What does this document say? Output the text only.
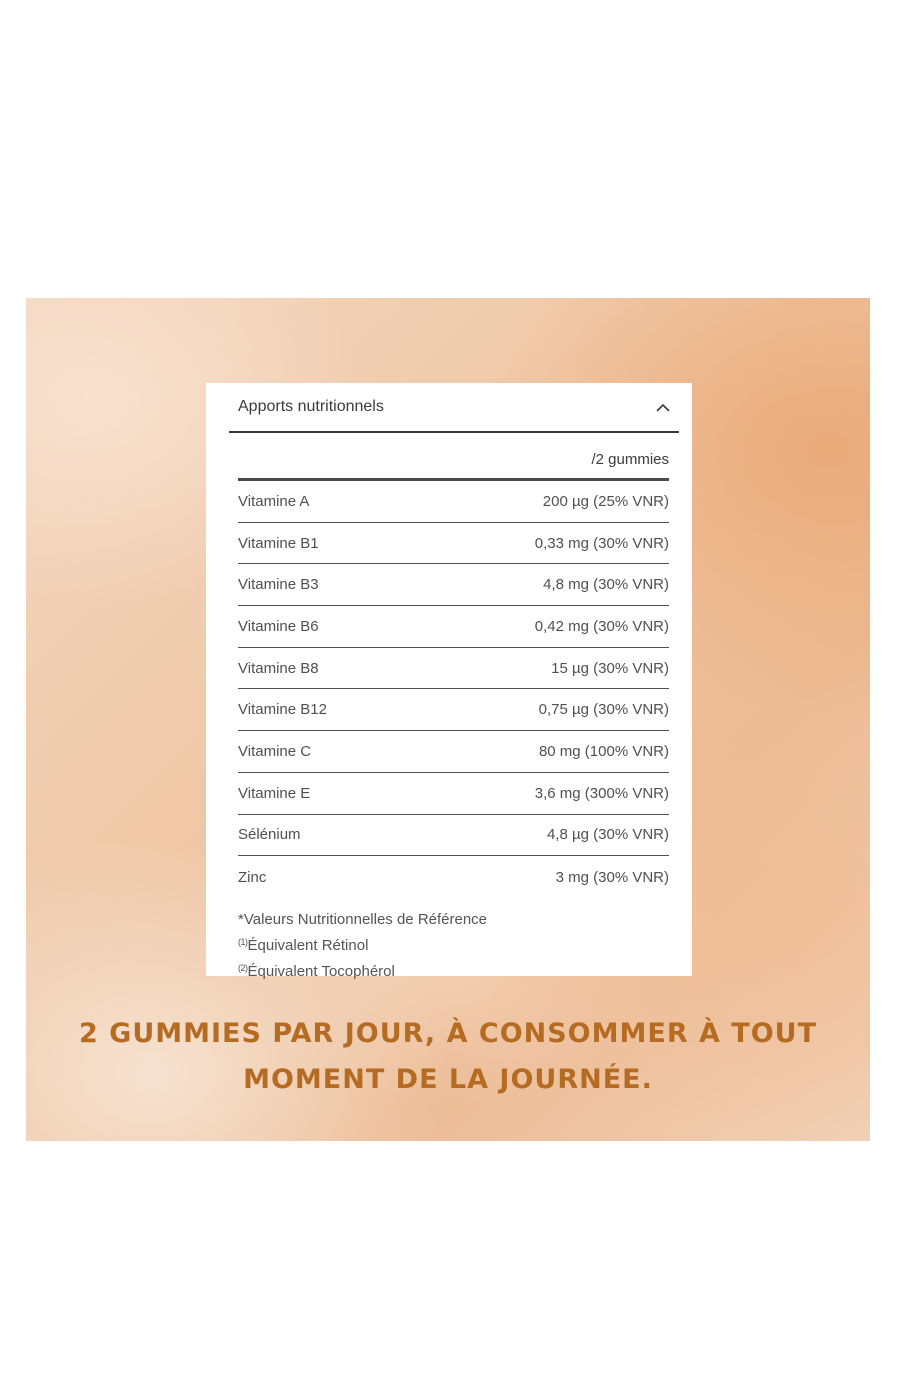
Apports nutritionnels
/2 gummies
Vitamine A	200 µg (25% VNR)
Vitamine B1	0,33 mg (30% VNR)
Vitamine B3	4,8 mg (30% VNR)
Vitamine B6	0,42 mg (30% VNR)
Vitamine B8	15 µg (30% VNR)
Vitamine B12	0,75 µg (30% VNR)
Vitamine C	80 mg (100% VNR)
Vitamine E	3,6 mg (300% VNR)
Sélénium	4,8 µg (30% VNR)
Zinc	3 mg (30% VNR)
*Valeurs Nutritionnelles de Référence
$^{(1)}$Équivalent Rétinol
$^{(2)}$Équivalent Tocophérol
2 GUMMIES PAR JOUR, À CONSOMMER À TOUT
MOMENT DE LA JOURNÉE.
